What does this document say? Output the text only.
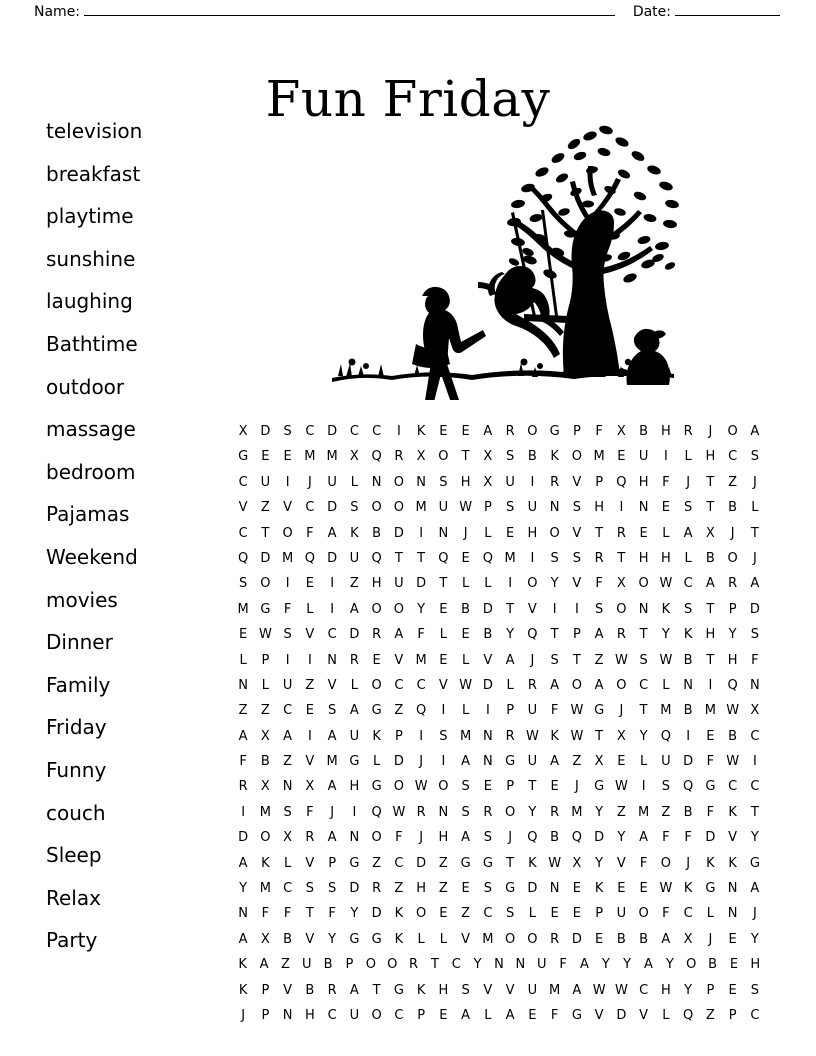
Name:	Date:
Fun Friday
television
breakfast
playtime
sunshine
laughing
Bathtime
outdoor
massage
bedroom
Pajamas
Weekend
movies
Dinner
Family
Friday
Funny
couch
Sleep
Relax
Party
X D	S	C D C	C	I	K	E	E	A	R O G	P	F	X	B H R	J	O A
G	E	E M M X Q R	X O	T	X	S	B	K O M E	U	I	L	H C	S
C U	I	J	U	L	N O N	S	H X	U	I	R	V	P	Q H	F	J	T	Z	J
V	Z	V	C D	S	O O M U W P	S	U N	S	H	I	N	E	S	T	B	L
C	T	O	F	A	K	B D	I	N	J	L	E	H O V	T	R	E	L	A	X	J	T
Q D M Q D U Q	T	T	Q	E	Q M	I	S	S	R	T	H H	L	B O	J
S	O	I	E	I	Z H U D	T	L	L	I	O	Y	V	F	X O W C	A	R	A
M G	F	L	I	A O O	Y	E	B D	T	V	I	I	S	O N	K	S	T	P	D
E W S	V	C D R	A	F	L	E	B	Y	Q	T	P	A	R	T	Y	K	H	Y	S
L	P	I	I	N R	E	V M E	L	V	A	J	S	T	Z W S W B	T	H	F
N	L	U	Z	V	L	O C	C	V W D	L	R	A O A O C	L	N	I	Q N
Z	Z	C	E	S	A G Z Q	I	L	I	P	U	F W G	J	T M B M W X
A	X	A	I	A	U	K	P	I	S M N R W K W T	X	Y	Q	I	E	B	C
F	B	Z	V M G	L	D	J	I	A N G U	A	Z	X	E	L	U D	F W	I
R	X N X	A H G O W O	S	E	P	T	E	J	G W	I	S	Q G C	C
I	M S	F	J	I	Q W R N	S	R O	Y	R M Y	Z M Z	B	F	K	T
D O X	R	A N O	F	J	H A	S	J	Q B Q D	Y	A	F	F	D V	Y
A	K	L	V	P	G Z	C D Z G G	T	K W X	Y	V	F	O	J	K	K G
Y M C	S	S	D R	Z H Z	E	S	G D N	E	K	E	E W K G N A
N	F	F	T	F	Y	D K O	E	Z	C	S	L	E	E	P	U O	F	C	L	N	J
A	X	B	V	Y	G G K	L	L	V M O O R D	E	B	B	A	X	J	E	Y
K A Z U B P O O R T C Y N N U F	A Y	Y A Y O B E H
K	P	V	B	R	A	T	G K	H	S	V	V	U M A W W C H	Y	P	E	S
J	P	N H C U O C	P	E	A	L	A	E	F	G V D V	L	Q Z	P	C
